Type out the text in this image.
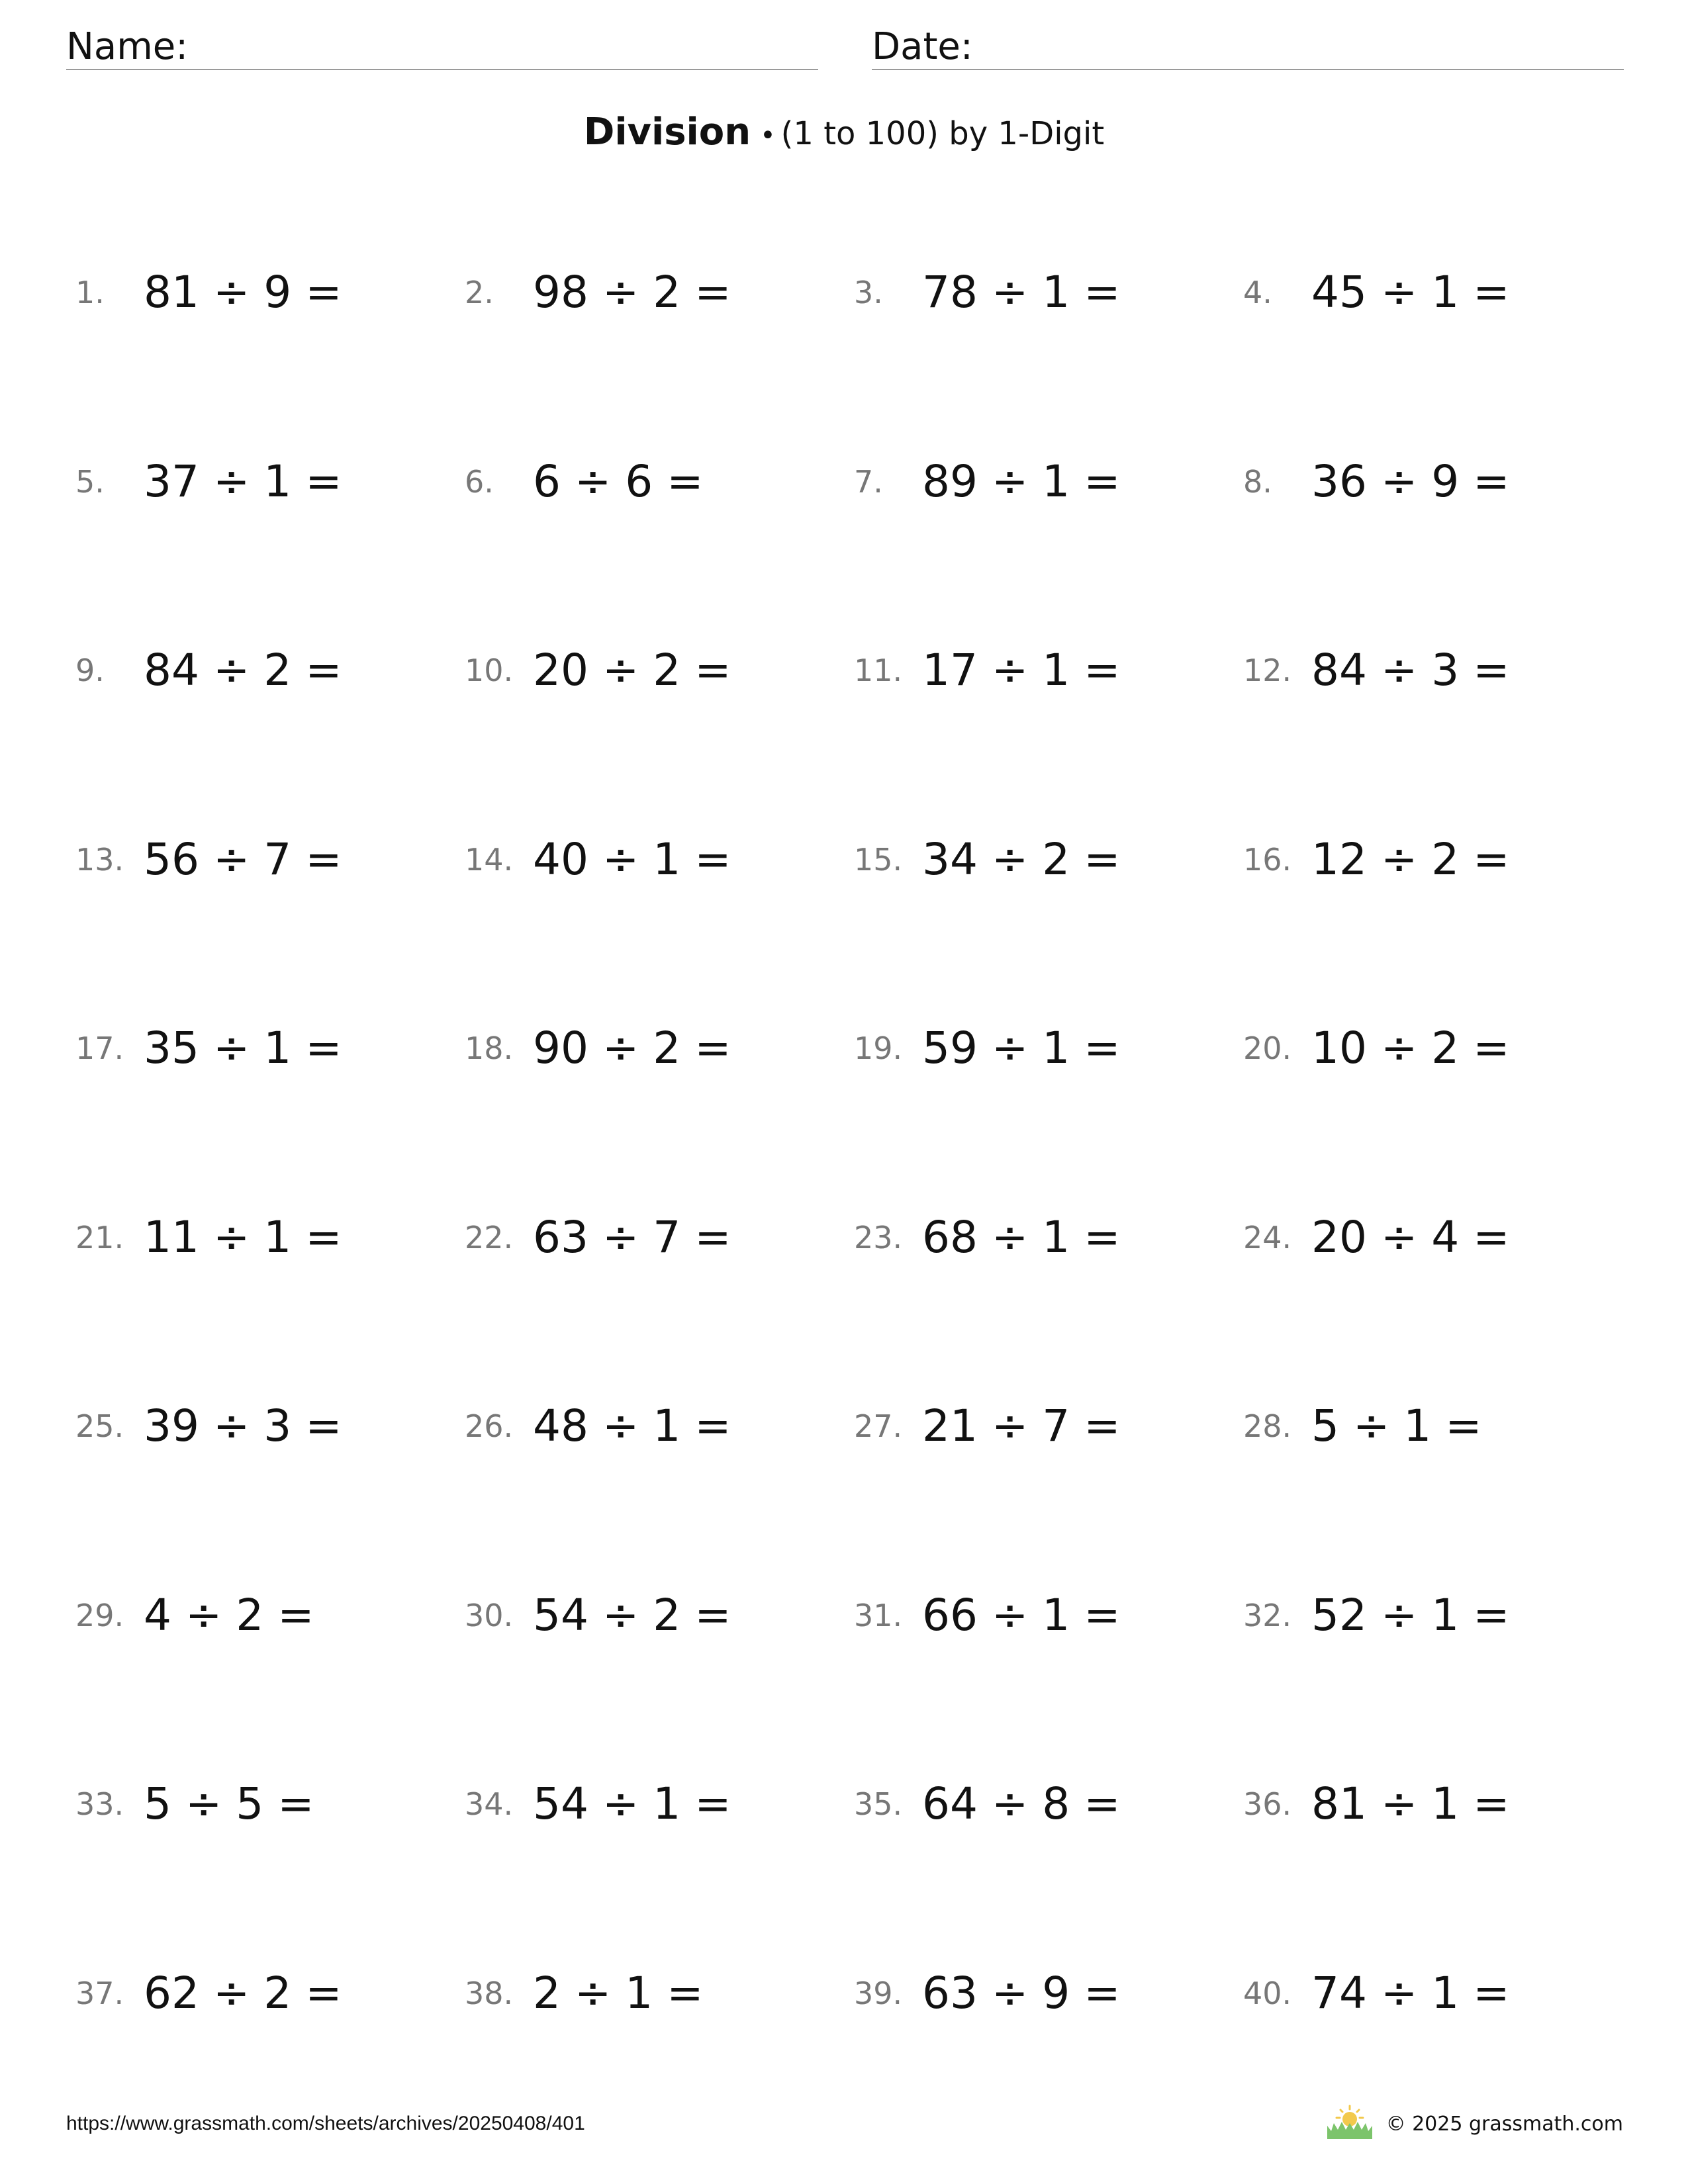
Name:	Date:
Division • (1 to 100) by 1-Digit
1. 81 ÷ 9 =	2. 98 ÷ 2 =	3. 78 ÷ 1 =	4. 45 ÷ 1 =
5. 37 ÷ 1 =	6. 6 ÷ 6 =	7. 89 ÷ 1 =	8. 36 ÷ 9 =
9. 84 ÷ 2 =	10. 20 ÷ 2 =	11. 17 ÷ 1 =	12. 84 ÷ 3 =
13. 56 ÷ 7 =	14. 40 ÷ 1 =	15. 34 ÷ 2 =	16. 12 ÷ 2 =
17. 35 ÷ 1 =	18. 90 ÷ 2 =	19. 59 ÷ 1 =	20. 10 ÷ 2 =
21. 11 ÷ 1 =	22. 63 ÷ 7 =	23. 68 ÷ 1 =	24. 20 ÷ 4 =
25. 39 ÷ 3 =	26. 48 ÷ 1 =	27. 21 ÷ 7 =	28. 5 ÷ 1 =
29. 4 ÷ 2 =	30. 54 ÷ 2 =	31. 66 ÷ 1 =	32. 52 ÷ 1 =
33. 5 ÷ 5 =	34. 54 ÷ 1 =	35. 64 ÷ 8 =	36. 81 ÷ 1 =
37. 62 ÷ 2 =	38. 2 ÷ 1 =	39. 63 ÷ 9 =	40. 74 ÷ 1 =
https://www.grassmath.com/sheets/archives/20250408/401	© 2025 grassmath.com
